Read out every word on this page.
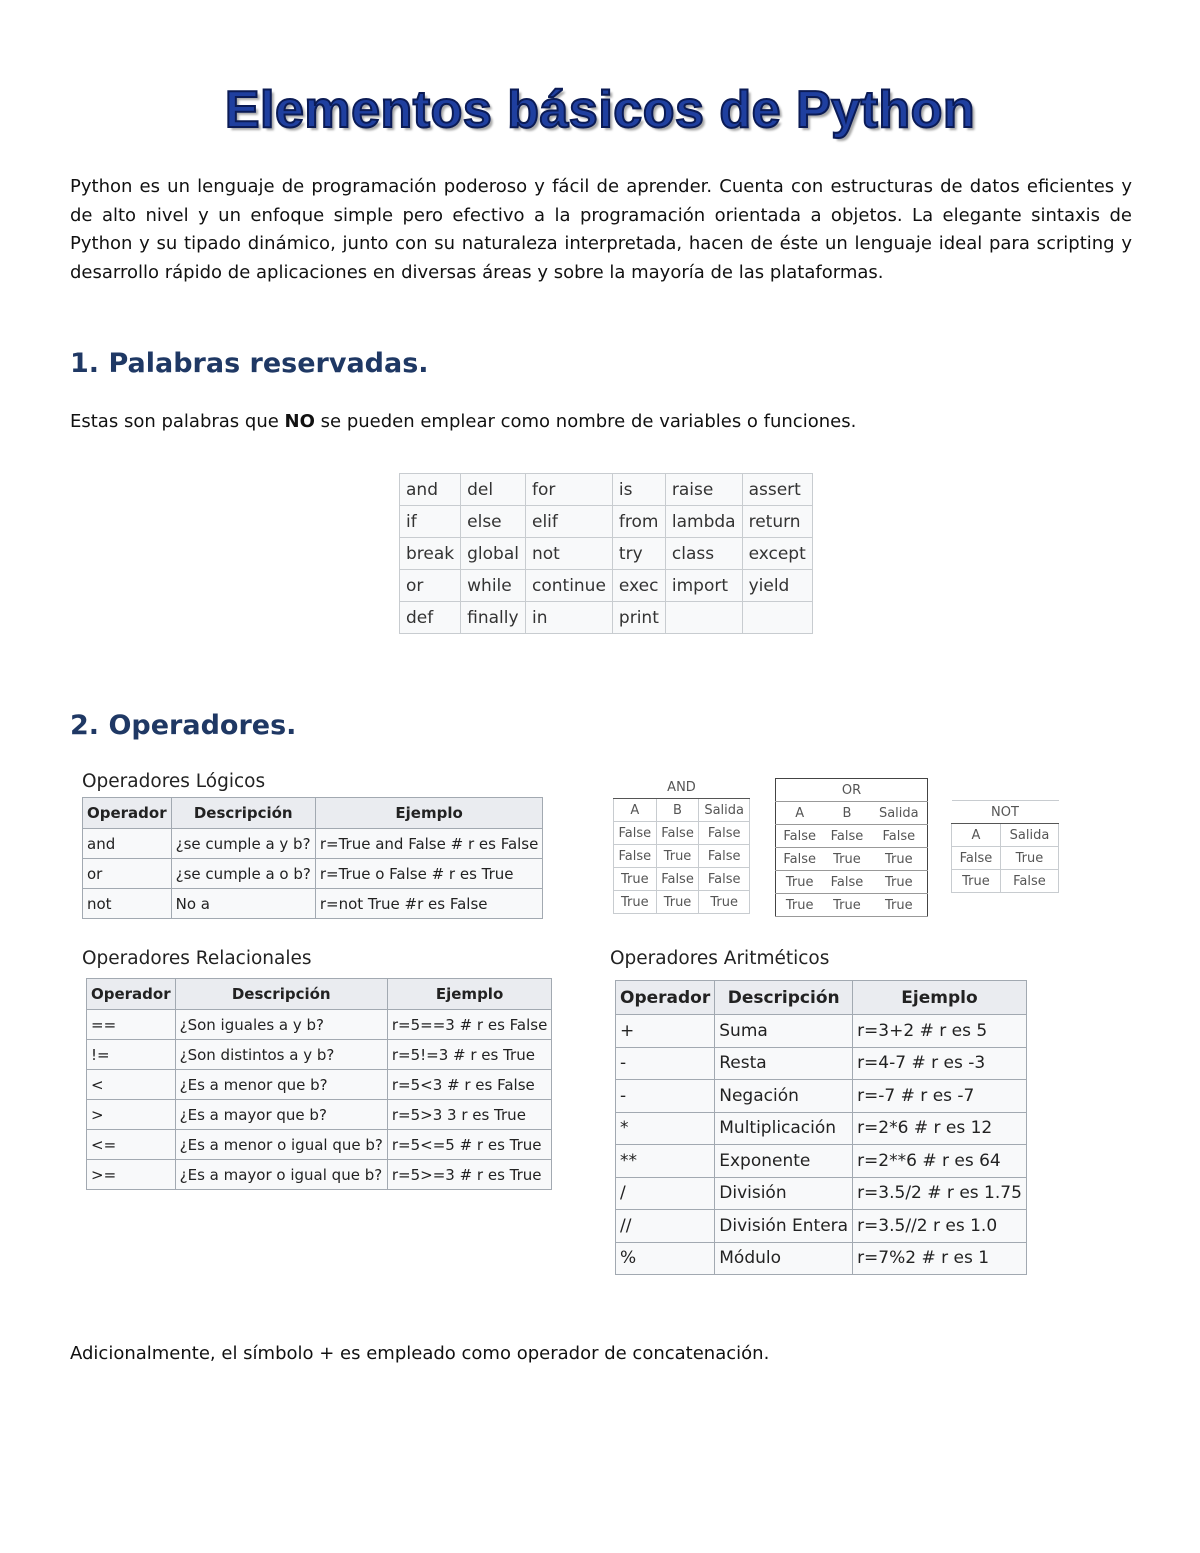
Elementos básicos de Python
Python es un lenguaje de programación poderoso y fácil de aprender. Cuenta con estructuras de datos eficientes y de alto nivel y un enfoque simple pero efectivo a la programación orientada a objetos. La elegante sintaxis de Python y su tipado dinámico, junto con su naturaleza interpretada, hacen de éste un lenguaje ideal para scripting y desarrollo rápido de aplicaciones en diversas áreas y sobre la mayoría de las plataformas.
1. Palabras reservadas.
Estas son palabras que NO se pueden emplear como nombre de variables o funciones.
and	del	for	is	raise	assert
if	else	elif	from	lambda	return
break	global	not	try	class	except
or	while	continue	exec	import	yield
def	finally	in	print		
2. Operadores.
Operadores Lógicos
Operador	Descripción	Ejemplo
and	¿se cumple a y b?	r=True and False # r es False
or	¿se cumple a o b?	r=True o False # r es True
not	No a	r=not True #r es False
AND		
A	B	Salida
False	False	False
False	True	False
True	False	False
True	True	True
OR		
A	B	Salida
False	False	False
False	True	True
True	False	True
True	True	True
NOT	
A	Salida
False	True
True	False
Operadores Relacionales
Operador	Descripción	Ejemplo
==	¿Son iguales a y b?	r=5==3 # r es False
!=	¿Son distintos a y b?	r=5!=3 # r es True
<	¿Es a menor que b?	r=5<3 # r es False
>	¿Es a mayor que b?	r=5>3 3 r es True
<=	¿Es a menor o igual que b?	r=5<=5 # r es True
>=	¿Es a mayor o igual que b?	r=5>=3 # r es True
Operadores Aritméticos
Operador	Descripción	Ejemplo
+	Suma	r=3+2 # r es 5
-	Resta	r=4-7 # r es -3
-	Negación	r=-7 # r es -7
*	Multiplicación	r=2*6 # r es 12
**	Exponente	r=2**6 # r es 64
/	División	r=3.5/2 # r es 1.75
//	División Entera	r=3.5//2 r es 1.0
%	Módulo	r=7%2 # r es 1
Adicionalmente, el símbolo + es empleado como operador de concatenación.
